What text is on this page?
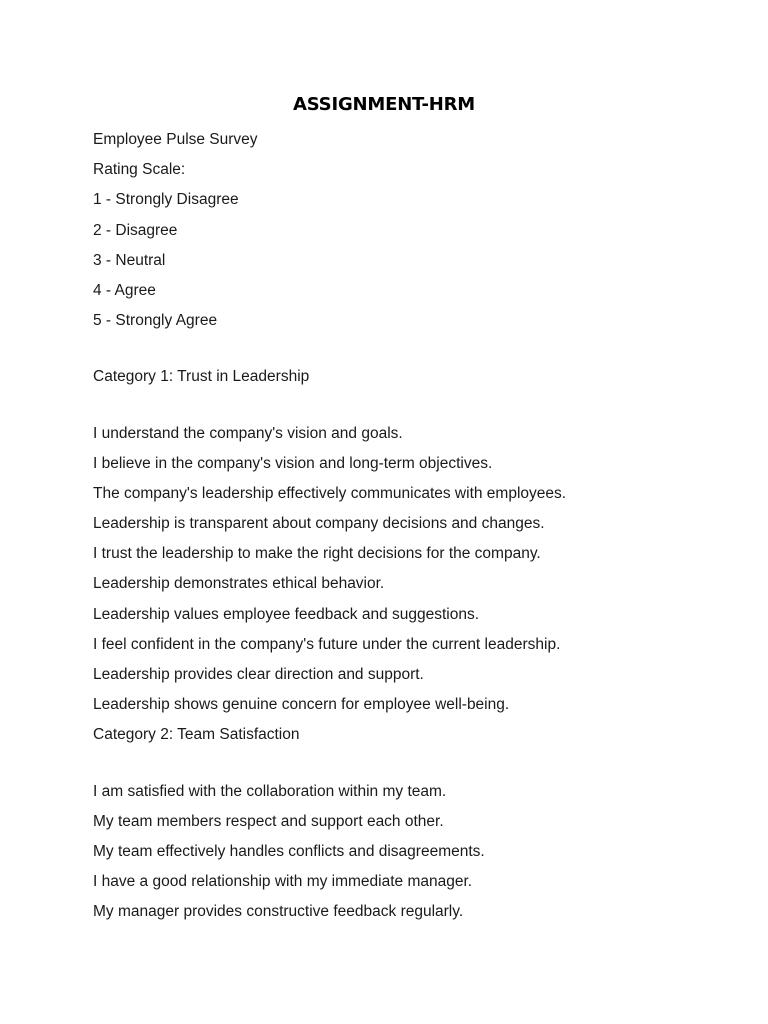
ASSIGNMENT-HRM
Employee Pulse Survey
Rating Scale:
1 - Strongly Disagree
2 - Disagree
3 - Neutral
4 - Agree
5 - Strongly Agree
Category 1: Trust in Leadership
I understand the company's vision and goals.
I believe in the company's vision and long-term objectives.
The company's leadership effectively communicates with employees.
Leadership is transparent about company decisions and changes.
I trust the leadership to make the right decisions for the company.
Leadership demonstrates ethical behavior.
Leadership values employee feedback and suggestions.
I feel confident in the company's future under the current leadership.
Leadership provides clear direction and support.
Leadership shows genuine concern for employee well-being.
Category 2: Team Satisfaction
I am satisfied with the collaboration within my team.
My team members respect and support each other.
My team effectively handles conflicts and disagreements.
I have a good relationship with my immediate manager.
My manager provides constructive feedback regularly.
